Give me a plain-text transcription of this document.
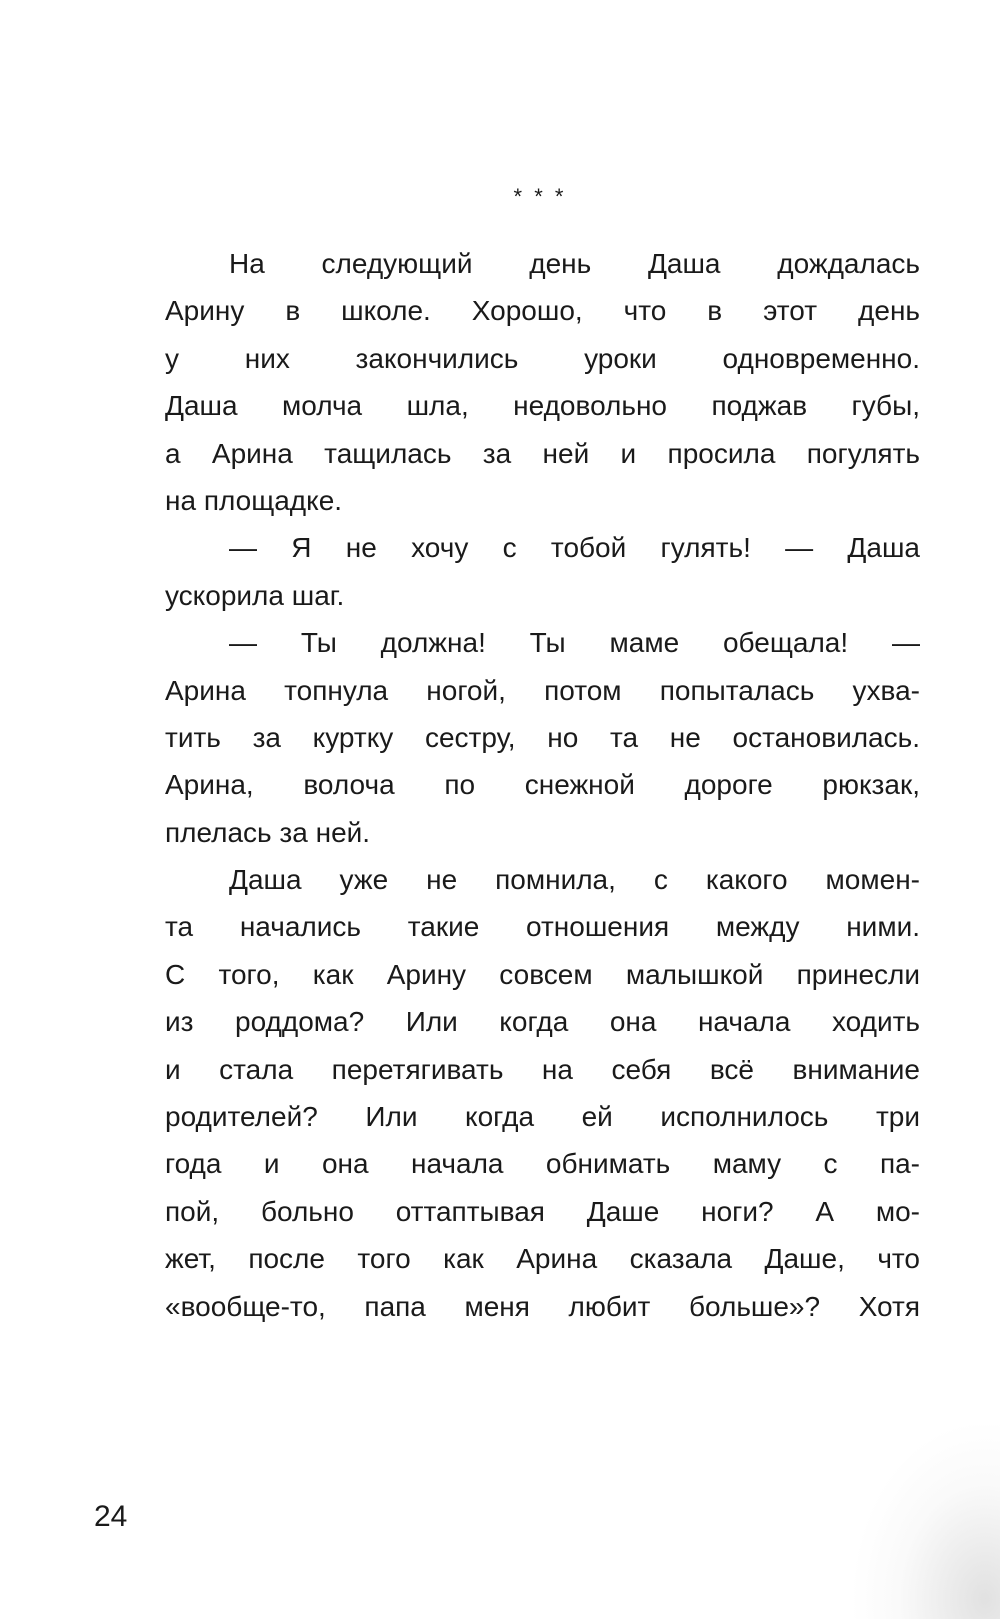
* * *
На следующий день Даша дождалась
Арину в школе. Хорошо, что в этот день
у них закончились уроки одновременно.
Даша молча шла, недовольно поджав губы,
а Арина тащилась за ней и просила погулять
на площадке.
— Я не хочу с тобой гулять! — Даша
ускорила шаг.
— Ты должна! Ты маме обещала! —
Арина топнула ногой, потом попыталась ухва-
тить за куртку сестру, но та не остановилась.
Арина, волоча по снежной дороге рюкзак,
плелась за ней.
Даша уже не помнила, с какого момен-
та начались такие отношения между ними.
С того, как Арину совсем малышкой принесли
из роддома? Или когда она начала ходить
и стала перетягивать на себя всё внимание
родителей? Или когда ей исполнилось три
года и она начала обнимать маму с па-
пой, больно оттаптывая Даше ноги? А мо-
жет, после того как Арина сказала Даше, что
«вообще-то, папа меня любит больше»? Хотя
24
